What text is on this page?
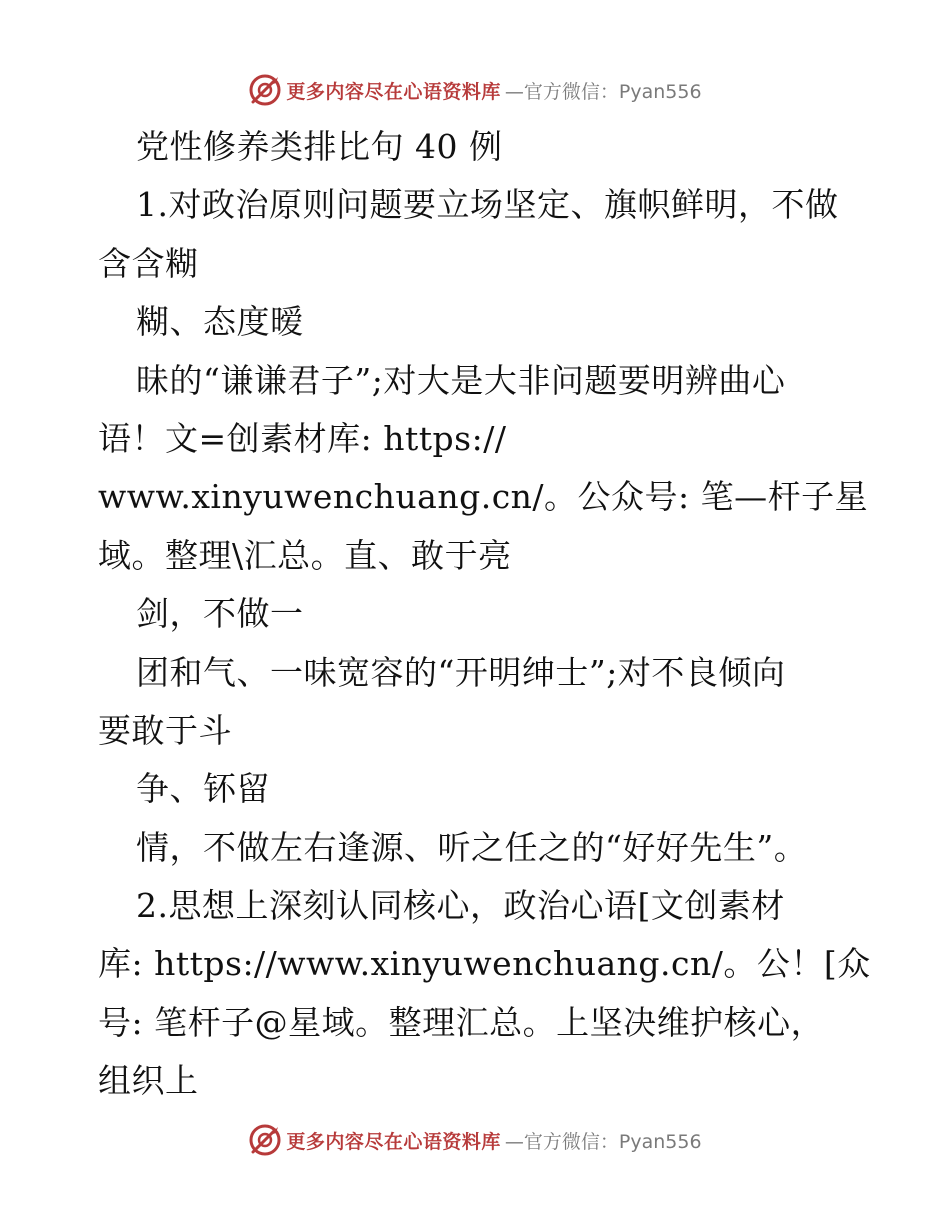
更多内容尽在心语资料库 —官方微信：Pyan556
党性修养类排比句 40 例
1.对政治原则问题要立场坚定、旗帜鲜明，不做
含含糊
糊、态度暧
昧的“谦谦君子”;对大是大非问题要明辨曲心
语！文=创素材库: https://
www.xinyuwenchuang.cn/。公众号: 笔—杆子星
域。整理\汇总。直、敢于亮
剑，不做一
团和气、一味宽容的“开明绅士”;对不良倾向
要敢于斗
争、钚留
情，不做左右逢源、听之任之的“好好先生”。
2.思想上深刻认同核心，政治心语[文创素材
库: https://www.xinyuwenchuang.cn/。公！[众
号: 笔杆子@星域。整理汇总。上坚决维护核心，
组织上
更多内容尽在心语资料库 —官方微信：Pyan556
